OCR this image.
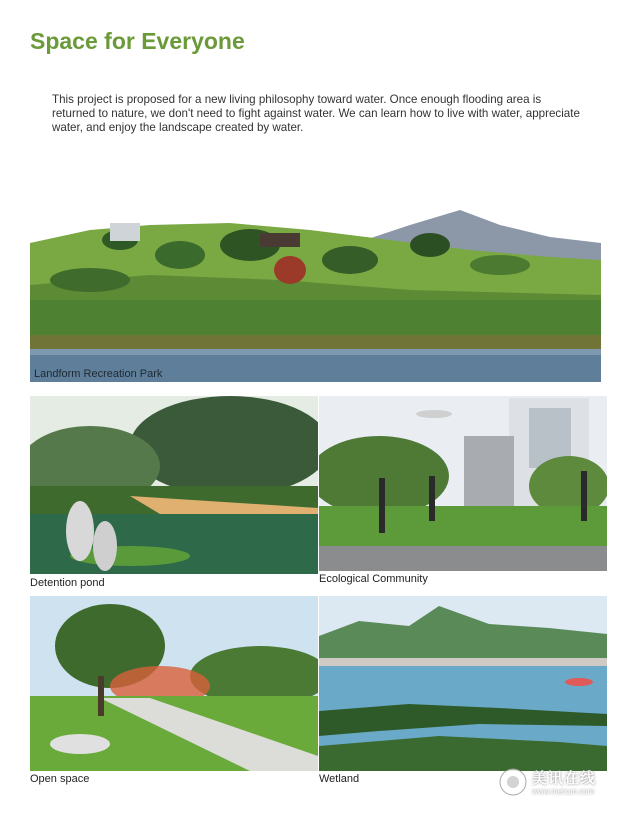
Space for Everyone

This project is proposed for a new living philosophy toward water. Once enough flooding area is returned to nature, we don't need to fight against water. We can learn how to live with water, appreciate water, and enjoy the landscape created by water.

Landform Recreation Park
Detention pond	Ecological Community
Open space	Wetland	美讯在线
www.meixun.com
